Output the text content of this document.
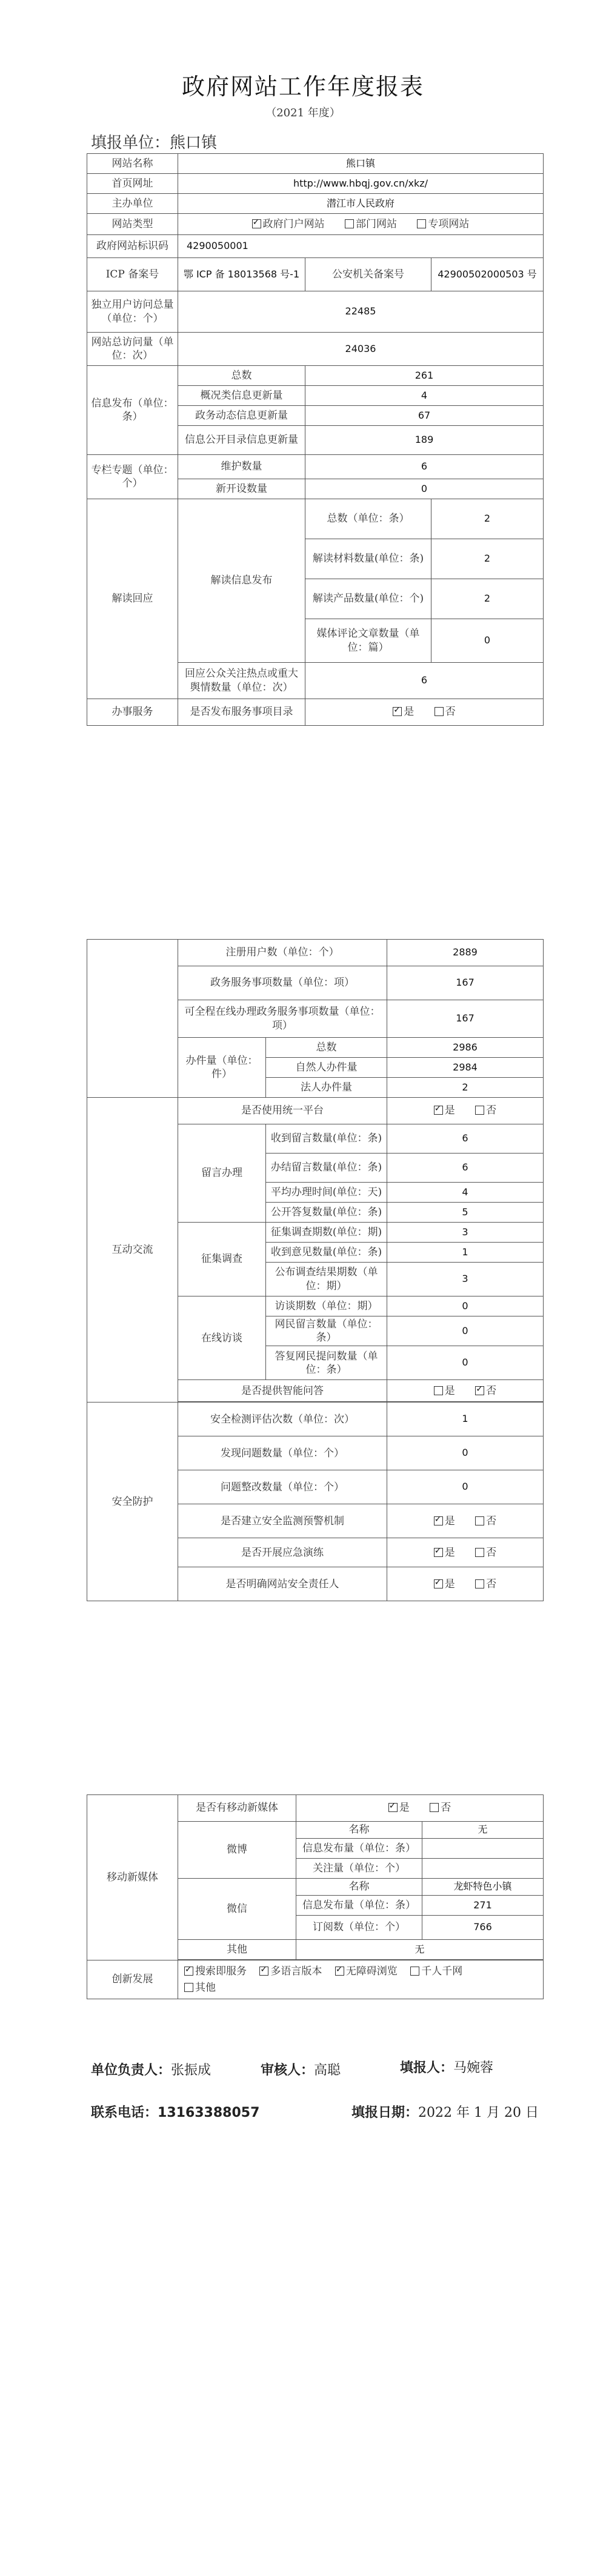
政府网站工作年度报表
（2021 年度）
填报单位：熊口镇
网站名称	熊口镇		
首页网址	http://www.hbqj.gov.cn/xkz/		
主办单位	潜江市人民政府		
网站类型	✓政府门户网站 部门网站 专项网站
政府网站标识码	4290050001		
ICP 备案号	鄂 ICP 备 18013568 号-1	公安机关备案号	42900502000503 号
独立用户访问总量（单位：个）	22485		
网站总访问量（单位：次）	24036		
信息发布（单位：条）	总数	261	
	概况类信息更新量	4	
	政务动态信息更新量	67	
	信息公开目录信息更新量	189	
专栏专题（单位：个）	维护数量	6	
	新开设数量	0	
解读回应	解读信息发布	总数（单位：条）	2
		解读材料数量(单位：条)	2
		解读产品数量(单位：个)	2
		媒体评论文章数量（单位：篇）	0
	回应公众关注热点或重大舆情数量（单位：次）	6	
办事服务	是否发布服务事项目录	✓是 否
	注册用户数（单位：个）		2889
	政务服务事项数量（单位：项）		167
	可全程在线办理政务服务事项数量（单位：项）		167
	办件量（单位：件）	总数	2986
		自然人办件量	2984
		法人办件量	2
互动交流	是否使用统一平台	✓是 否
	留言办理	收到留言数量(单位：条)	6
		办结留言数量(单位：条)	6
		平均办理时间(单位：天)	4
		公开答复数量(单位：条)	5
	征集调查	征集调查期数(单位：期)	3
		收到意见数量(单位：条)	1
		公布调查结果期数（单位：期）	3
	在线访谈	访谈期数（单位：期）	0
		网民留言数量（单位：条）	0
		答复网民提问数量（单位：条）	0
	是否提供智能问答		是 ✓ 否

安全防护	安全检测评估次数（单位：次）		1
	发现问题数量（单位：个）		0
	问题整改数量（单位：个）		0
	是否建立安全监测预警机制	✓是 否
	是否开展应急演练	✓是 否
	是否明确网站安全责任人	✓是 否
移动新媒体	是否有移动新媒体	✓是 否
	微博	名称	无
		信息发布量（单位：条）	
		关注量（单位：个）	
	微信	名称	龙虾特色小镇
		信息发布量（单位：条）	271
		订阅数（单位：个）	766
	其他	无	

创新发展	✓搜索即服务 ✓ 多语言版本 ✓ 无障碍浏览 千人千网
其他
单位负责人：张振成	审核人：高聪	填报人：马婉蓉
联系电话：13163388057	填报日期：2022 年 1 月 20 日
